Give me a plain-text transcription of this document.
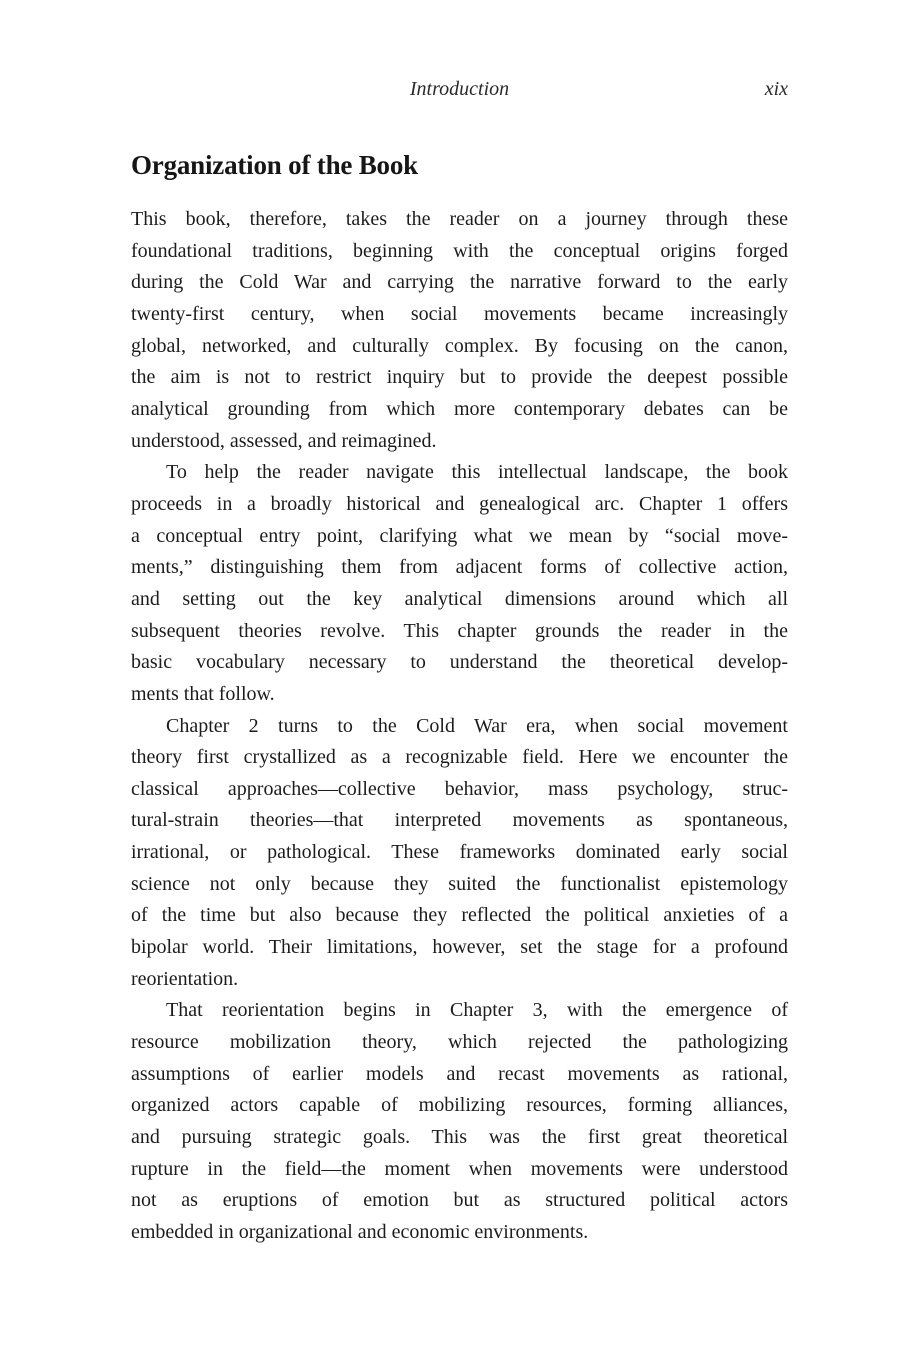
Introduction	xix
Organization of the Book
This book, therefore, takes the reader on a journey through these
foundational traditions, beginning with the conceptual origins forged
during the Cold War and carrying the narrative forward to the early
twenty-first century, when social movements became increasingly
global, networked, and culturally complex. By focusing on the canon,
the aim is not to restrict inquiry but to provide the deepest possible
analytical grounding from which more contemporary debates can be
understood, assessed, and reimagined.
To help the reader navigate this intellectual landscape, the book
proceeds in a broadly historical and genealogical arc. Chapter 1 offers
a conceptual entry point, clarifying what we mean by “social move-
ments,” distinguishing them from adjacent forms of collective action,
and setting out the key analytical dimensions around which all
subsequent theories revolve. This chapter grounds the reader in the
basic vocabulary necessary to understand the theoretical develop-
ments that follow.
Chapter 2 turns to the Cold War era, when social movement
theory first crystallized as a recognizable field. Here we encounter the
classical approaches—collective behavior, mass psychology, struc-
tural-strain theories—that interpreted movements as spontaneous,
irrational, or pathological. These frameworks dominated early social
science not only because they suited the functionalist epistemology
of the time but also because they reflected the political anxieties of a
bipolar world. Their limitations, however, set the stage for a profound
reorientation.
That reorientation begins in Chapter 3, with the emergence of
resource mobilization theory, which rejected the pathologizing
assumptions of earlier models and recast movements as rational,
organized actors capable of mobilizing resources, forming alliances,
and pursuing strategic goals. This was the first great theoretical
rupture in the field—the moment when movements were understood
not as eruptions of emotion but as structured political actors
embedded in organizational and economic environments.
